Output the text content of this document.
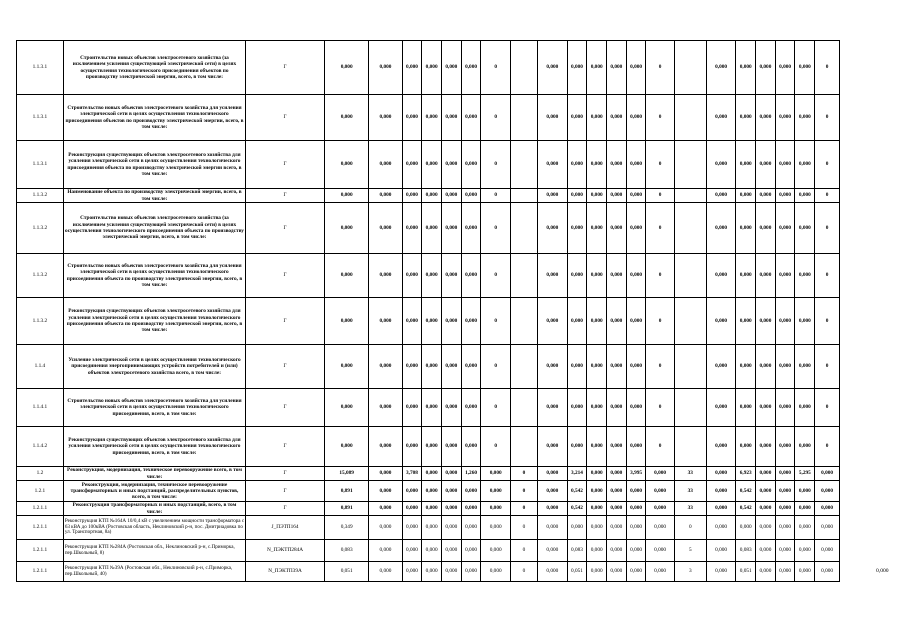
1.1.3.1	Строительство новых объектов электросетевого хозяйства (за исключением усиления существующей электрической сети) в целях осуществления технологического присоединения объектов по производству электрической энергии, всего, в том числе:	Г	0,000	0,000	0,000	0,000	0,000	0,000	0		0,000	0,000	0,000	0,000	0,000	0		0,000	0,000	0,000	0,000	0,000	0
1.1.3.1	Строительство новых объектов электросетевого хозяйства для усиления электрической сети в целях осуществления технологического присоединения объектов по производству электрической энергии, всего, в том числе:	Г	0,000	0,000	0,000	0,000	0,000	0,000	0		0,000	0,000	0,000	0,000	0,000	0		0,000	0,000	0,000	0,000	0,000	0
1.1.3.1	Реконструкция существующих объектов электросетевого хозяйства для усиления электрической сети в целях осуществления технологического присоединения объекта по производству электрической энергии всего, в том числе:	Г	0,000	0,000	0,000	0,000	0,000	0,000	0		0,000	0,000	0,000	0,000	0,000	0		0,000	0,000	0,000	0,000	0,000	0
1.1.3.2	Наименование объекта по производству электрической энергии, всего, в том числе:	Г	0,000	0,000	0,000	0,000	0,000	0,000	0		0,000	0,000	0,000	0,000	0,000	0		0,000	0,000	0,000	0,000	0,000	0
1.1.3.2	Строительство новых объектов электросетевого хозяйства (за исключением усиления существующей электрической сети) в целях осуществления технологического присоединения объекта по производству электрической энергии, всего, в том числе:	Г	0,000	0,000	0,000	0,000	0,000	0,000	0		0,000	0,000	0,000	0,000	0,000	0		0,000	0,000	0,000	0,000	0,000	0
1.1.3.2	Строительство новых объектов электросетевого хозяйства для усиления электрической сети в целях осуществления технологического присоединения объекта по производству электрической энергии, всего, в том числе:	Г	0,000	0,000	0,000	0,000	0,000	0,000	0		0,000	0,000	0,000	0,000	0,000	0		0,000	0,000	0,000	0,000	0,000	0
1.1.3.2	Реконструкция существующих объектов электросетевого хозяйства для усиления электрической сети в целях осуществления технологического присоединения объекта по производству электрической энергии, всего, в том числе:	Г	0,000	0,000	0,000	0,000	0,000	0,000	0		0,000	0,000	0,000	0,000	0,000	0		0,000	0,000	0,000	0,000	0,000	0
1.1.4	Усиление электрической сети в целях осуществления технологического присоединения энергопринимающих устройств потребителей и (или) объектов электросетевого хозяйства всего, в том числе:	Г	0,000	0,000	0,000	0,000	0,000	0,000	0		0,000	0,000	0,000	0,000	0,000	0		0,000	0,000	0,000	0,000	0,000	0
1.1.4.1	Строительство новых объектов электросетевого хозяйства для усиления электрической сети в целях осуществления технологического присоединения, всего, в том числе:	Г	0,000	0,000	0,000	0,000	0,000	0,000	0		0,000	0,000	0,000	0,000	0,000	0		0,000	0,000	0,000	0,000	0,000	0
1.1.4.2	Реконструкция существующих объектов электросетевого хозяйства для усиления электрической сети в целях осуществления технологического присоединения, всего, в том числе:	Г	0,000	0,000	0,000	0,000	0,000	0,000	0		0,000	0,000	0,000	0,000	0,000	0		0,000	0,000	0,000	0,000	0,000	0
1.2	Реконструкция, модернизация, техническое перевооружение всего, в том числе:	Г	15,089	0,000	3,708	0,000	0,000	1,260	0,000	0	0,000	3,214	0,000	0,000	3,995	0,000	33	0,000	6,923	0,000	0,000	5,295	0,000
1.2.1	Реконструкция, модернизация, техническое перевооружение трансформаторных и иных подстанций, распределительных пунктов, всего, в том числе:	Г	0,891	0,000	0,000	0,000	0,000	0,000	0,000	0	0,000	0,542	0,000	0,000	0,000	0,000	33	0,000	0,542	0,000	0,000	0,000	0,000
1.2.1.1	Реконструкция трансформаторных и иных подстанций, всего, в том числе:	Г	0,891	0,000	0,000	0,000	0,000	0,000	0,000	0	0,000	0,542	0,000	0,000	0,000	0,000	33	0,000	0,542	0,000	0,000	0,000	0,000
1.2.1.1	Реконструкция КТП №164А 10/0,4 кВ с увеличением мощности трансформатора с 63 кВА до 100кВА (Ростовская область, Неклиновский р-н, пос. Дмитриадовка по ул. Транспортная, 8а)	J_ПЭТП164	0,349	0,000	0,000	0,000	0,000	0,000	0,000	0	0,000	0,000	0,000	0,000	0,000	0,000	0	0,000	0,000	0,000	0,000	0,000	0,000
1.2.1.1	Реконструкция КТП №284А (Ростовская обл., Неклиновский р-н, с.Приморка, пер.Школьный, 8)	N_ПЭКТП284А	0,083	0,000	0,000	0,000	0,000	0,000	0,000	0	0,000	0,083	0,000	0,000	0,000	0,000	5	0,000	0,083	0,000	0,000	0,000	0,000
1.2.1.1	Реконструкция КТП №39А (Ростовская обл., Неклиновский р-н, с.Приморка, пер.Школьный, 40)	N_ПЭКТП39А	0,051	0,000	0,000	0,000	0,000	0,000	0,000	0	0,000	0,051	0,000	0,000	0,000	0,000	3	0,000	0,051	0,000	0,000	0,000	0,000	0,000
